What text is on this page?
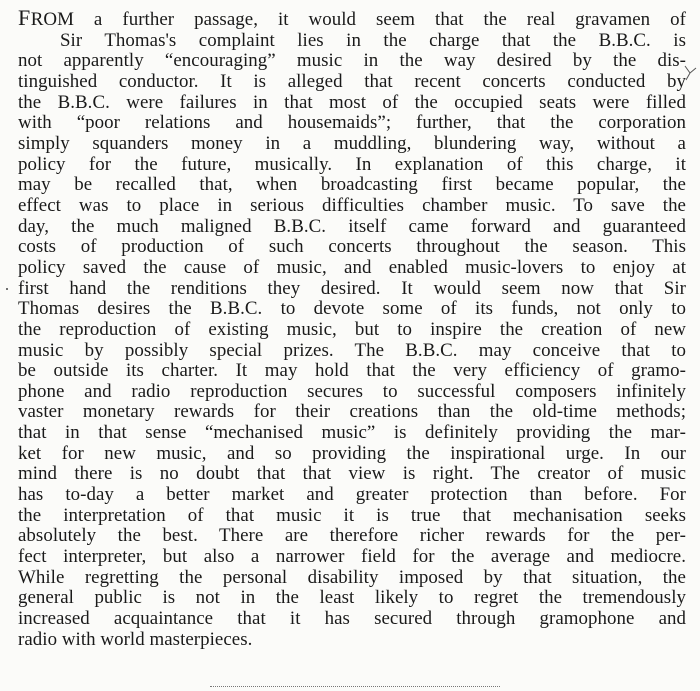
FROM a further passage, it would seem that the real gravamen of
Sir Thomas's complaint lies in the charge that the B.B.C. is
not apparently “encouraging” music in the way desired by the dis-
tinguished conductor. It is alleged that recent concerts conducted by
the B.B.C. were failures in that most of the occupied seats were filled
with “poor relations and housemaids”; further, that the corporation
simply squanders money in a muddling, blundering way, without a
policy for the future, musically. In explanation of this charge, it
may be recalled that, when broadcasting first became popular, the
effect was to place in serious difficulties chamber music. To save the
day, the much maligned B.B.C. itself came forward and guaranteed
costs of production of such concerts throughout the season. This
policy saved the cause of music, and enabled music-lovers to enjoy at
first hand the renditions they desired. It would seem now that Sir
Thomas desires the B.B.C. to devote some of its funds, not only to
the reproduction of existing music, but to inspire the creation of new
music by possibly special prizes. The B.B.C. may conceive that to
be outside its charter. It may hold that the very efficiency of gramo-
phone and radio reproduction secures to successful composers infinitely
vaster monetary rewards for their creations than the old-time methods;
that in that sense “mechanised music” is definitely providing the mar-
ket for new music, and so providing the inspirational urge. In our
mind there is no doubt that that view is right. The creator of music
has to-day a better market and greater protection than before. For
the interpretation of that music it is true that mechanisation seeks
absolutely the best. There are therefore richer rewards for the per-
fect interpreter, but also a narrower field for the average and mediocre.
While regretting the personal disability imposed by that situation, the
general public is not in the least likely to regret the tremendously
increased acquaintance that it has secured through gramophone and
radio with world masterpieces.
